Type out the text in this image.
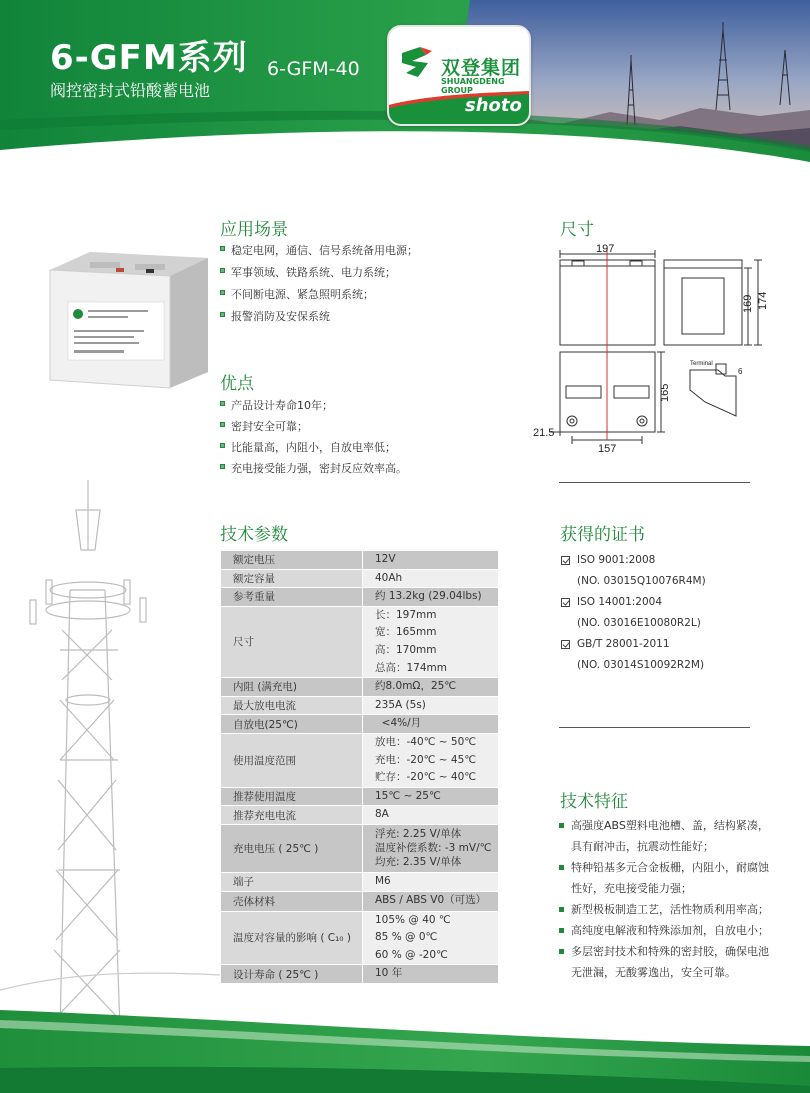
6-GFM系列
阀控密封式铅酸蓄电池
6-GFM-40	双登集团
SHUANGDENG GROUP
shoto
应用场景
稳定电网，通信、信号系统备用电源；
军事领域、铁路系统、电力系统；
不间断电源、紧急照明系统；
报警消防及安保系统
优点
产品设计寿命10年；
密封安全可靠；
比能量高，内阻小，自放电率低；
充电接受能力强，密封反应效率高。
尺寸
197
169 174
165
157
21.5
Terminal
6
技术参数
额定电压	12V

额定容量	40Ah

参考重量	约 13.2kg (29.04lbs)

尺寸	长：197mm
宽：165mm
高：170mm
总高：174mm

内阻 (满充电)	约8.0mΩ，25℃

最大放电电流	235A (5s)

自放电(25℃)	<4%/月

使用温度范围	放电：-40℃ ~ 50℃
充电：-20℃ ~ 45℃
贮存：-20℃ ~ 40℃

推荐使用温度	15℃ ~ 25℃

推荐充电电流	8A

充电电压 ( 25℃ )	浮充: 2.25 V/单体
温度补偿系数: -3 mV/℃
均充: 2.35 V/单体

端子	M6

壳体材料	ABS / ABS V0（可选）

温度对容量的影响 ( C₁₀ )	105% @ 40 ℃
85 % @ 0℃
60 % @ -20℃

设计寿命 ( 25℃ )	10 年
获得的证书
ISO 9001:2008
(NO. 03015Q10076R4M)
ISO 14001:2004
(NO. 03016E10080R2L)
GB/T 28001-2011
(NO. 03014S10092R2M)
技术特征
高强度ABS塑料电池槽、盖，结构紧凑，具有耐冲击，抗震动性能好；
特种铅基多元合金板栅，内阻小，耐腐蚀性好，充电接受能力强；
新型极板制造工艺，活性物质利用率高；
高纯度电解液和特殊添加剂，自放电小；
多层密封技术和特殊的密封胶，确保电池无泄漏，无酸雾逸出，安全可靠。
